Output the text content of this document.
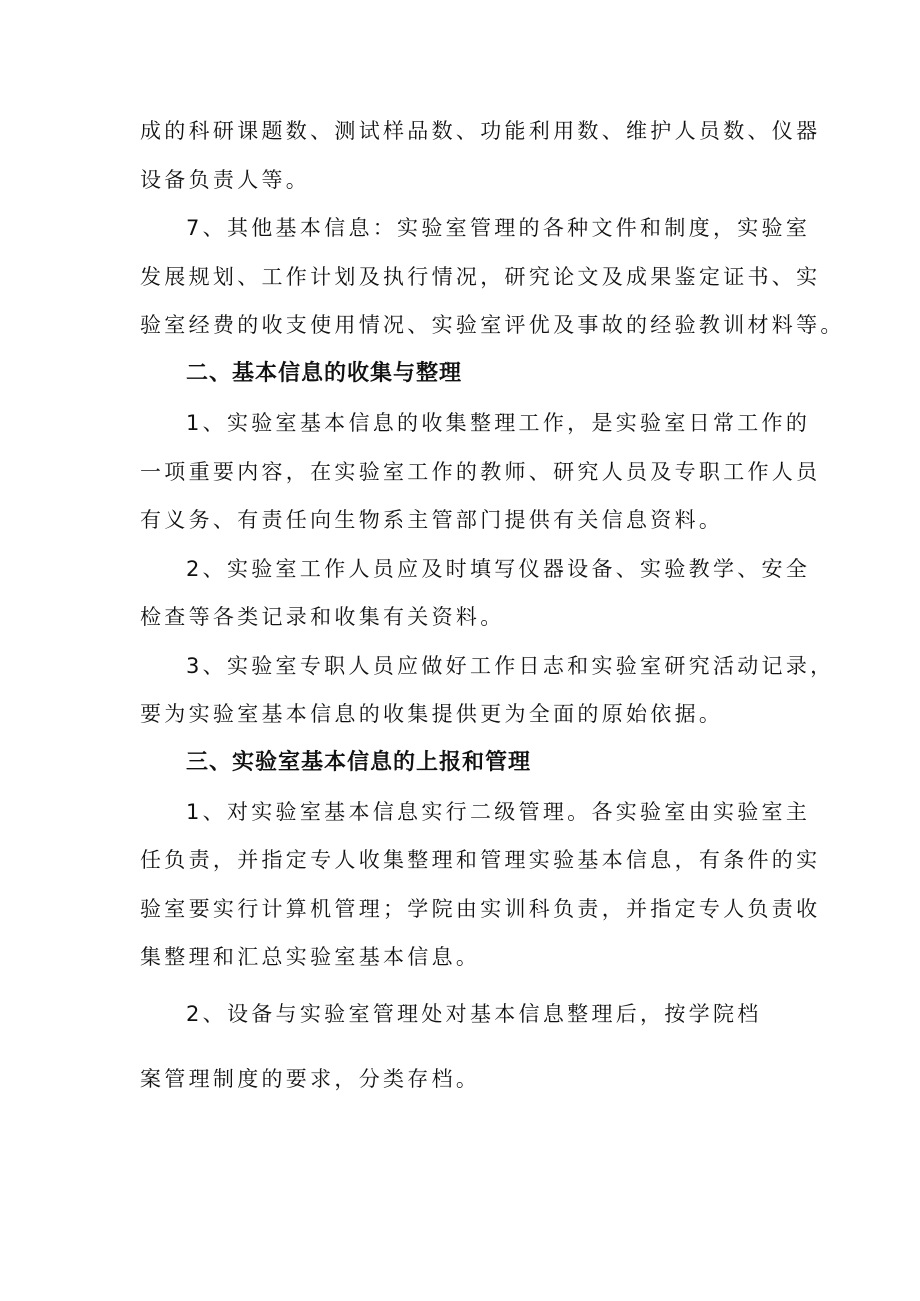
成的科研课题数、测试样品数、功能利用数、维护人员数、仪器
设备负责人等。
7、其他基本信息：实验室管理的各种文件和制度，实验室
发展规划、工作计划及执行情况，研究论文及成果鉴定证书、实
验室经费的收支使用情况、实验室评优及事故的经验教训材料等。
二、基本信息的收集与整理
1、实验室基本信息的收集整理工作，是实验室日常工作的
一项重要内容，在实验室工作的教师、研究人员及专职工作人员
有义务、有责任向生物系主管部门提供有关信息资料。
2、实验室工作人员应及时填写仪器设备、实验教学、安全
检查等各类记录和收集有关资料。
3、实验室专职人员应做好工作日志和实验室研究活动记录，
要为实验室基本信息的收集提供更为全面的原始依据。
三、实验室基本信息的上报和管理
1、对实验室基本信息实行二级管理。各实验室由实验室主
任负责，并指定专人收集整理和管理实验基本信息，有条件的实
验室要实行计算机管理；学院由实训科负责，并指定专人负责收
集整理和汇总实验室基本信息。
2、设备与实验室管理处对基本信息整理后，按学院档
案管理制度的要求，分类存档。
